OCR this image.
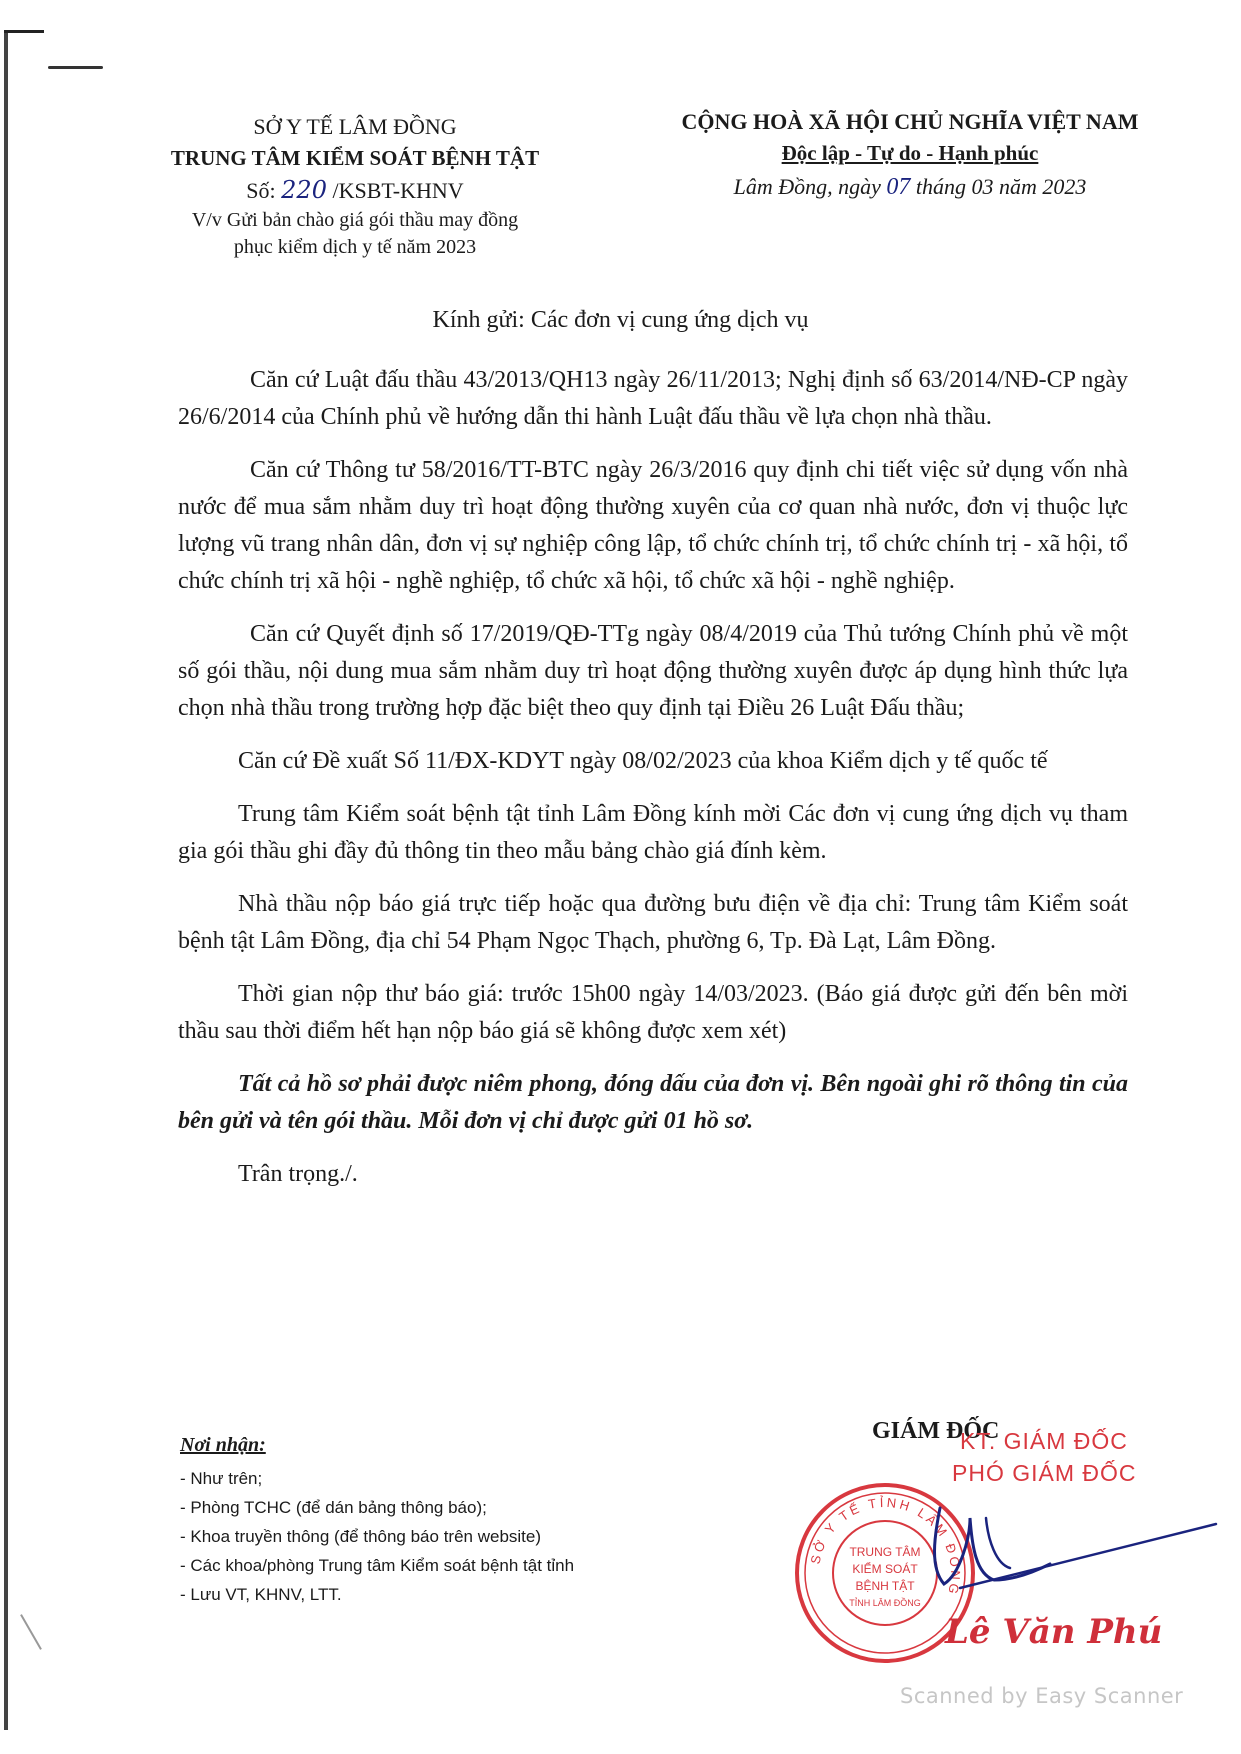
SỞ Y TẾ LÂM ĐỒNG
TRUNG TÂM KIỂM SOÁT BỆNH TẬT
Số: 220 /KSBT-KHNV
V/v Gửi bản chào giá gói thầu may đồng
phục kiểm dịch y tế năm 2023
CỘNG HOÀ XÃ HỘI CHỦ NGHĨA VIỆT NAM
Độc lập - Tự do - Hạnh phúc
Lâm Đồng, ngày 07 tháng 03 năm 2023
Kính gửi: Các đơn vị cung ứng dịch vụ

Căn cứ Luật đấu thầu 43/2013/QH13 ngày 26/11/2013; Nghị định số 63/2014/NĐ-CP ngày 26/6/2014 của Chính phủ về hướng dẫn thi hành Luật đấu thầu về lựa chọn nhà thầu.

Căn cứ Thông tư 58/2016/TT-BTC ngày 26/3/2016 quy định chi tiết việc sử dụng vốn nhà nước để mua sắm nhằm duy trì hoạt động thường xuyên của cơ quan nhà nước, đơn vị thuộc lực lượng vũ trang nhân dân, đơn vị sự nghiệp công lập, tổ chức chính trị, tổ chức chính trị - xã hội, tổ chức chính trị xã hội - nghề nghiệp, tổ chức xã hội, tổ chức xã hội - nghề nghiệp.

Căn cứ Quyết định số 17/2019/QĐ-TTg ngày 08/4/2019 của Thủ tướng Chính phủ về một số gói thầu, nội dung mua sắm nhằm duy trì hoạt động thường xuyên được áp dụng hình thức lựa chọn nhà thầu trong trường hợp đặc biệt theo quy định tại Điều 26 Luật Đấu thầu;

Căn cứ Đề xuất Số 11/ĐX-KDYT ngày 08/02/2023 của khoa Kiểm dịch y tế quốc tế

Trung tâm Kiểm soát bệnh tật tỉnh Lâm Đồng kính mời Các đơn vị cung ứng dịch vụ tham gia gói thầu ghi đầy đủ thông tin theo mẫu bảng chào giá đính kèm.

Nhà thầu nộp báo giá trực tiếp hoặc qua đường bưu điện về địa chỉ: Trung tâm Kiểm soát bệnh tật Lâm Đồng, địa chỉ 54 Phạm Ngọc Thạch, phường 6, Tp. Đà Lạt, Lâm Đồng.

Thời gian nộp thư báo giá: trước 15h00 ngày 14/03/2023. (Báo giá được gửi đến bên mời thầu sau thời điểm hết hạn nộp báo giá sẽ không được xem xét)

Tất cả hồ sơ phải được niêm phong, đóng dấu của đơn vị. Bên ngoài ghi rõ thông tin của bên gửi và tên gói thầu. Mỗi đơn vị chỉ được gửi 01 hồ sơ.

Trân trọng./.
Nơi nhận:
- Như trên;
- Phòng TCHC (để dán bảng thông báo);
- Khoa truyền thông (để thông báo trên website)
- Các khoa/phòng Trung tâm Kiểm soát bệnh tật tỉnh
- Lưu VT, KHNV, LTT.
GIÁM ĐỐC
KT. GIÁM ĐỐC
PHÓ GIÁM ĐỐC
SỞ Y TẾ TỈNH LÂM ĐỒNG
TRUNG TÂM
KIỂM SOÁT
BỆNH TẬT
TỈNH LÂM ĐỒNG
Lê Văn Phú
Scanned by Easy Scanner
